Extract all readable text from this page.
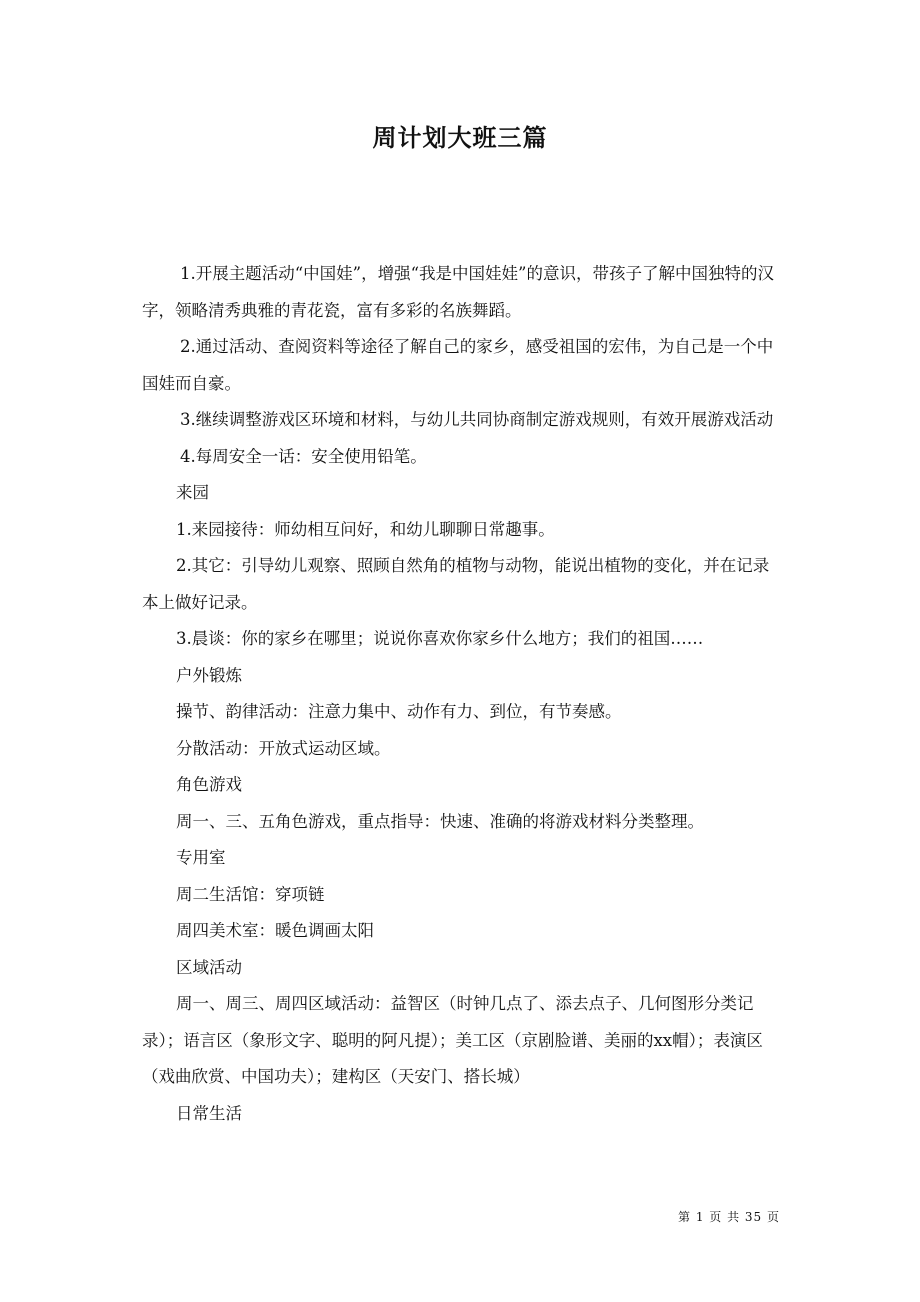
周计划大班三篇

1.开展主题活动“中国娃”，增强“我是中国娃娃”的意识，带孩子了解中国独特的汉字，领略清秀典雅的青花瓷，富有多彩的名族舞蹈。

2.通过活动、查阅资料等途径了解自己的家乡，感受祖国的宏伟，为自己是一个中国娃而自豪。

3.继续调整游戏区环境和材料，与幼儿共同协商制定游戏规则，有效开展游戏活动

4.每周安全一话：安全使用铅笔。

来园

1.来园接待：师幼相互问好，和幼儿聊聊日常趣事。

2.其它：引导幼儿观察、照顾自然角的植物与动物，能说出植物的变化，并在记录本上做好记录。

3.晨谈：你的家乡在哪里；说说你喜欢你家乡什么地方；我们的祖国……

户外锻炼

操节、韵律活动：注意力集中、动作有力、到位，有节奏感。

分散活动：开放式运动区域。

角色游戏

周一、三、五角色游戏，重点指导：快速、准确的将游戏材料分类整理。

专用室

周二生活馆：穿项链

周四美术室：暖色调画太阳

区域活动

周一、周三、周四区域活动：益智区（时钟几点了、添去点子、几何图形分类记录）；语言区（象形文字、聪明的阿凡提）；美工区（京剧脸谱、美丽的xx帽）；表演区（戏曲欣赏、中国功夫）；建构区（天安门、搭长城）

日常生活

第 1 页 共 35 页
